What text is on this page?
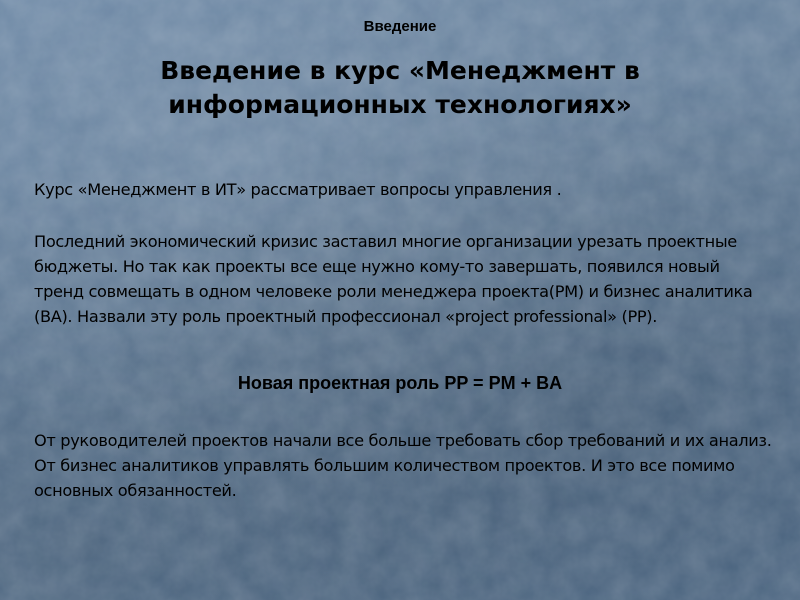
Введение
Введение в курс «Менеджмент в
информационных технологиях»

Курс «Менеджмент в ИТ» рассматривает вопросы управления .

Последний экономический кризис заставил многие организации урезать проектные бюджеты. Но так как проекты все еще нужно кому-то завершать, появился новый тренд совмещать в одном человеке роли менеджера проекта(PM) и бизнес аналитика (BA). Назвали эту роль проектный профессионал «project professional» (PP).

Новая проектная роль PP = PM + BA

От руководителей проектов начали все больше требовать сбор требований и их анализ. От бизнес аналитиков управлять большим количеством проектов. И это все помимо основных обязанностей.
